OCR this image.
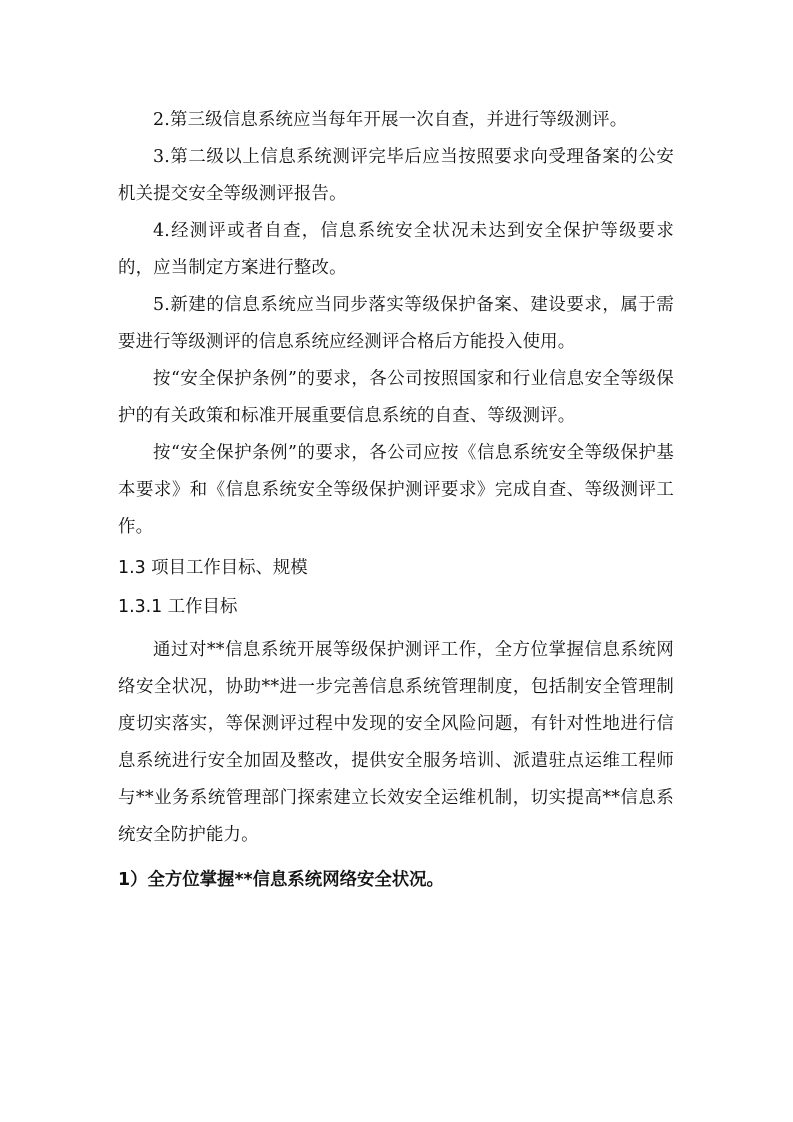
2.第三级信息系统应当每年开展一次自查，并进行等级测评。

3.第二级以上信息系统测评完毕后应当按照要求向受理备案的公安机关提交安全等级测评报告。

4.经测评或者自查，信息系统安全状况未达到安全保护等级要求的，应当制定方案进行整改。

5.新建的信息系统应当同步落实等级保护备案、建设要求，属于需要进行等级测评的信息系统应经测评合格后方能投入使用。

按“安全保护条例”的要求，各公司按照国家和行业信息安全等级保护的有关政策和标准开展重要信息系统的自查、等级测评。

按“安全保护条例”的要求，各公司应按《信息系统安全等级保护基本要求》和《信息系统安全等级保护测评要求》完成自查、等级测评工作。

1.3 项目工作目标、规模
1.3.1 工作目标

通过对**信息系统开展等级保护测评工作，全方位掌握信息系统网络安全状况，协助**进一步完善信息系统管理制度，包括制安全管理制度切实落实，等保测评过程中发现的安全风险问题，有针对性地进行信息系统进行安全加固及整改，提供安全服务培训、派遣驻点运维工程师与**业务系统管理部门探索建立长效安全运维机制，切实提高**信息系统安全防护能力。

1）全方位掌握**信息系统网络安全状况。
